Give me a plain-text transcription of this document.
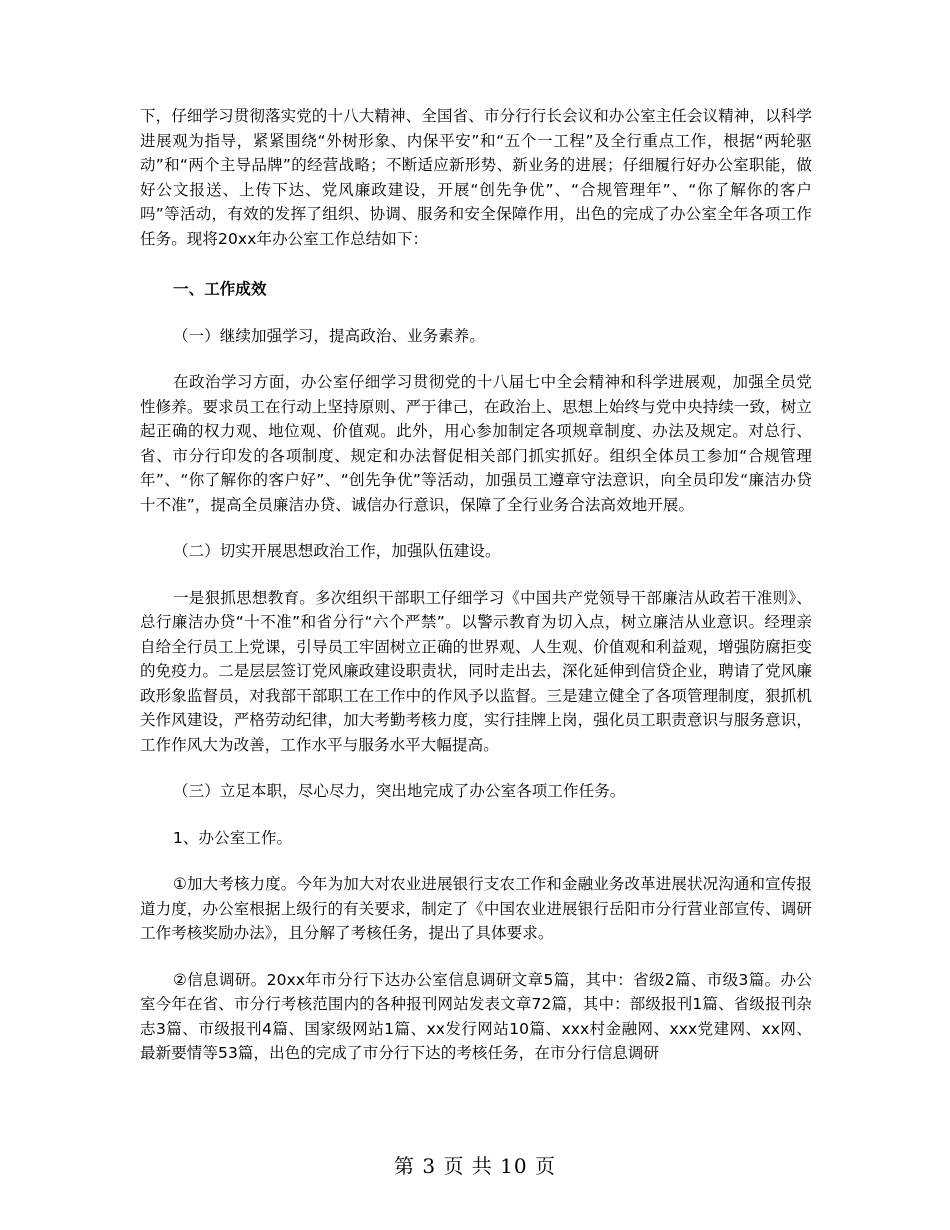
下，仔细学习贯彻落实党的十八大精神、全国省、市分行行长会议和办公室主任会议精神，以科学进展观为指导，紧紧围绕“外树形象、内保平安”和“五个一工程”及全行重点工作，根据“两轮驱动”和“两个主导品牌”的经营战略；不断适应新形势、新业务的进展；仔细履行好办公室职能，做好公文报送、上传下达、党风廉政建设，开展“创先争优”、“合规管理年”、“你了解你的客户吗”等活动，有效的发挥了组织、协调、服务和安全保障作用，出色的完成了办公室全年各项工作任务。现将20xx年办公室工作总结如下：

一、工作成效

（一）继续加强学习，提高政治、业务素养。

在政治学习方面，办公室仔细学习贯彻党的十八届七中全会精神和科学进展观，加强全员党性修养。要求员工在行动上坚持原则、严于律己，在政治上、思想上始终与党中央持续一致，树立起正确的权力观、地位观、价值观。此外，用心参加制定各项规章制度、办法及规定。对总行、省、市分行印发的各项制度、规定和办法督促相关部门抓实抓好。组织全体员工参加“合规管理年”、“你了解你的客户好”、“创先争优”等活动，加强员工遵章守法意识，向全员印发“廉洁办贷十不准”，提高全员廉洁办贷、诚信办行意识，保障了全行业务合法高效地开展。

（二）切实开展思想政治工作，加强队伍建设。

一是狠抓思想教育。多次组织干部职工仔细学习《中国共产党领导干部廉洁从政若干准则》、总行廉洁办贷“十不准”和省分行“六个严禁”。以警示教育为切入点，树立廉洁从业意识。经理亲自给全行员工上党课，引导员工牢固树立正确的世界观、人生观、价值观和利益观，增强防腐拒变的免疫力。二是层层签订党风廉政建设职责状，同时走出去，深化延伸到信贷企业，聘请了党风廉政形象监督员，对我部干部职工在工作中的作风予以监督。三是建立健全了各项管理制度，狠抓机关作风建设，严格劳动纪律，加大考勤考核力度，实行挂牌上岗，强化员工职责意识与服务意识，工作作风大为改善，工作水平与服务水平大幅提高。

（三）立足本职，尽心尽力，突出地完成了办公室各项工作任务。

1、办公室工作。

①加大考核力度。今年为加大对农业进展银行支农工作和金融业务改革进展状况沟通和宣传报道力度，办公室根据上级行的有关要求，制定了《中国农业进展银行岳阳市分行营业部宣传、调研工作考核奖励办法》，且分解了考核任务，提出了具体要求。

②信息调研。20xx年市分行下达办公室信息调研文章5篇，其中：省级2篇、市级3篇。办公室今年在省、市分行考核范围内的各种报刊网站发表文章72篇，其中：部级报刊1篇、省级报刊杂志3篇、市级报刊4篇、国家级网站1篇、xx发行网站10篇、xxx村金融网、xxx党建网、xx网、最新要情等53篇，出色的完成了市分行下达的考核任务，在市分行信息调研

第 3 页 共 10 页
